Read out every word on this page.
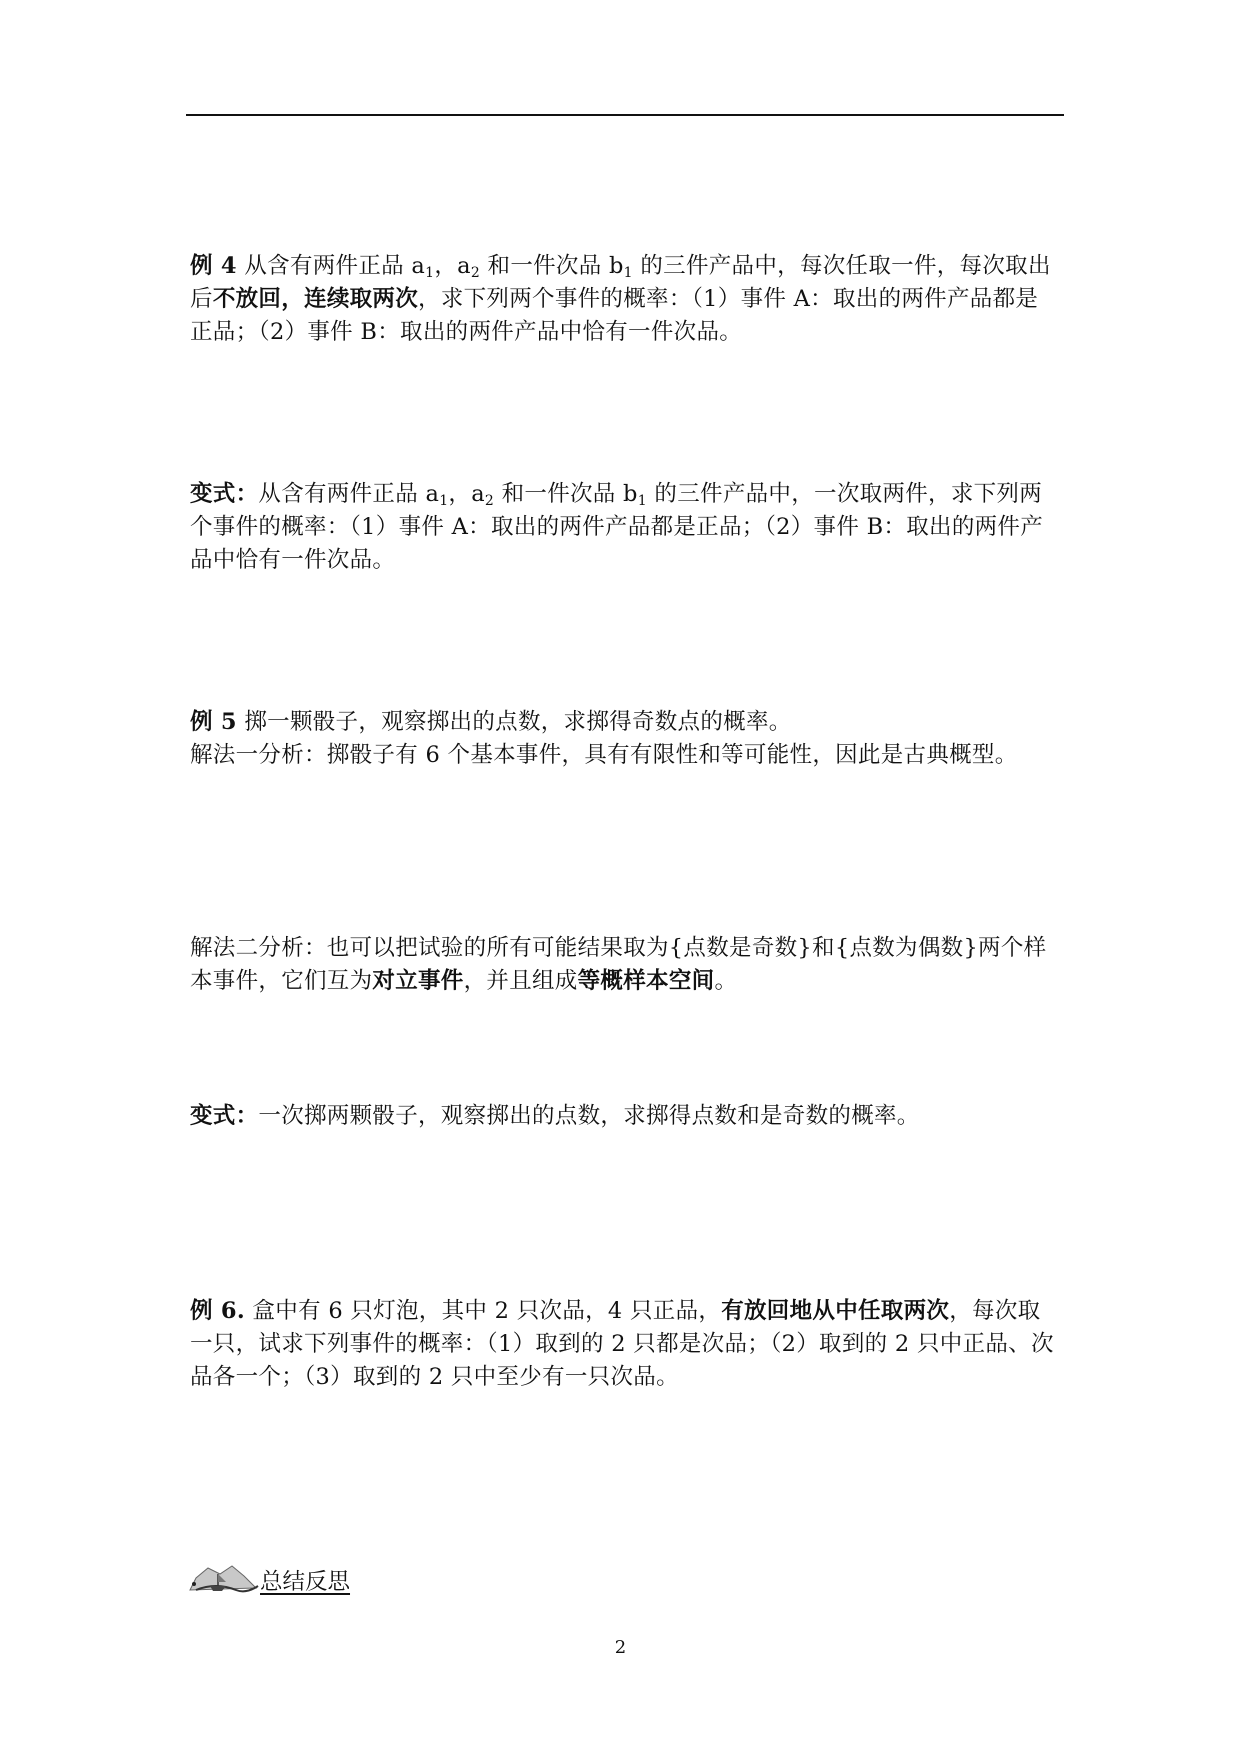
例 4 从含有两件正品 $a_1$，$a_2$ 和一件次品 $b_1$ 的三件产品中，每次任取一件，每次取出后不放回，连续取两次，求下列两个事件的概率：（1）事件 A：取出的两件产品都是正品；（2）事件 B：取出的两件产品中恰有一件次品。

变式：从含有两件正品 $a_1$，$a_2$ 和一件次品 $b_1$ 的三件产品中，一次取两件，求下列两个事件的概率：（1）事件 A：取出的两件产品都是正品；（2）事件 B：取出的两件产品中恰有一件次品。

例 5 掷一颗骰子，观察掷出的点数，求掷得奇数点的概率。
解法一分析：掷骰子有 6 个基本事件，具有有限性和等可能性，因此是古典概型。

解法二分析：也可以把试验的所有可能结果取为{点数是奇数}和{点数为偶数}两个样本事件，它们互为对立事件，并且组成等概样本空间。

变式：一次掷两颗骰子，观察掷出的点数，求掷得点数和是奇数的概率。

例 6. 盒中有 6 只灯泡，其中 2 只次品，4 只正品，有放回地从中任取两次，每次取一只，试求下列事件的概率：（1）取到的 2 只都是次品；（2）取到的 2 只中正品、次品各一个；（3）取到的 2 只中至少有一只次品。

总结反思
2
